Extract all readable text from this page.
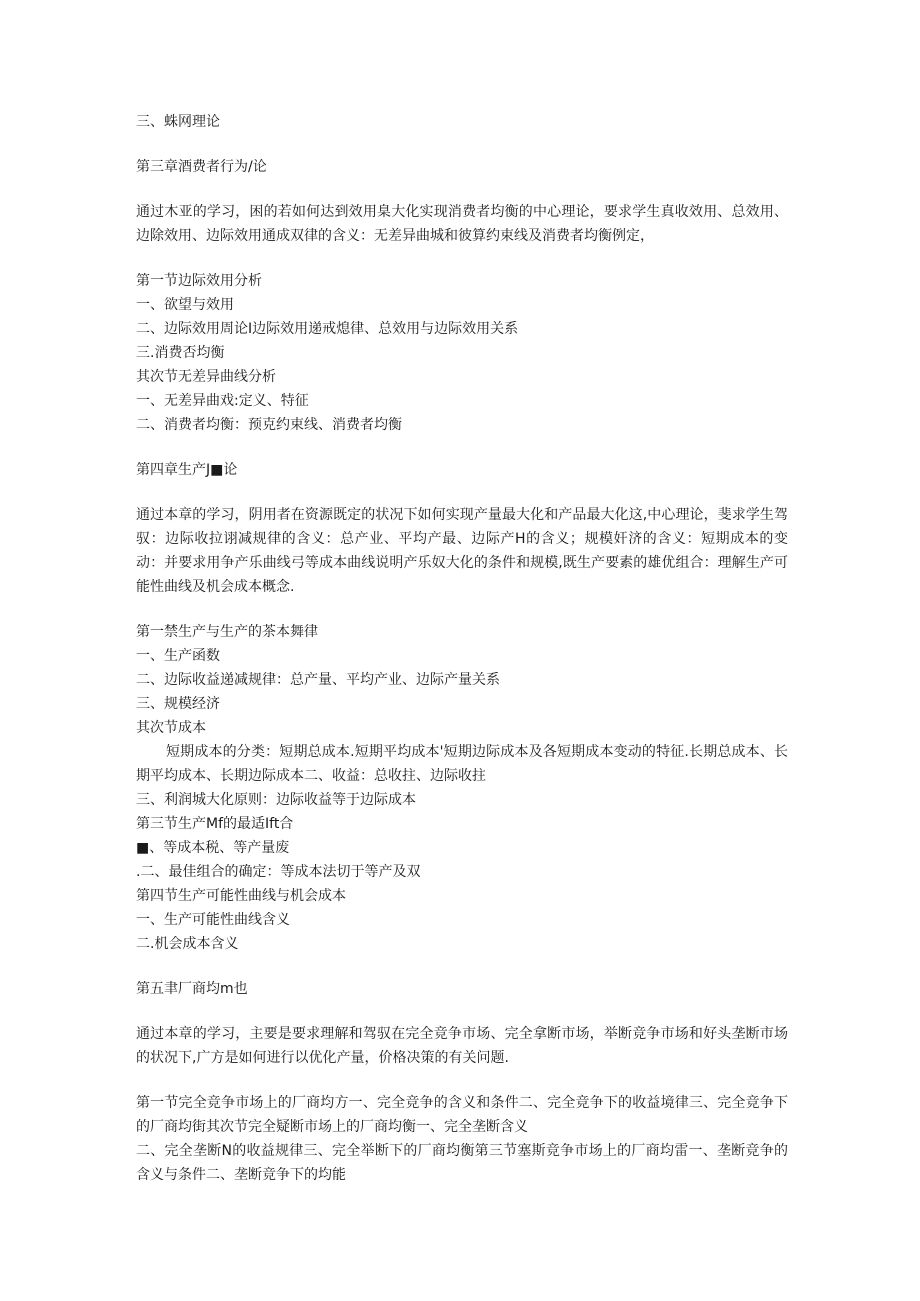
三、蛛网理论
第三章酒费者行为/论
通过木亚的学习，困的若如何达到效用臬大化实现消费者均衡的中心理论，要求学生真收效用、总效用、边除效用、边际效用通成双律的含义：无差异曲城和彼算约束线及消费者均衡例定，
第一节边际效用分析
一、欲望与效用
二、边际效用周论I边际效用递戒熄律、总效用与边际效用关系
三.消费否均衡
其次节无差异曲线分析
一、无差异曲戏:定义、特征
二、消费者均衡：预克约束线、消费者均衡
第四章生产J■论
通过本章的学习，阴用者在资源既定的状况下如何实现产量最大化和产品最大化这,中心理论，斐求学生驾驭：边际收拉诩减规律的含义：总产业、平均产最、边际产H的含义；规模奸济的含义：短期成本的变动：并要求用争产乐曲线弓等成本曲线说明产乐奴大化的条件和规模,既生产要素的雄优组合：理解生产可能性曲线及机会成本概念.
第一禁生产与生产的茶本舞律
一、生产函数
二、边际收益递减规律：总产量、平均产业、边际产量关系
三、规模经济
其次节成本
短期成本的分类：短期总成本.短期平均成本'短期边际成本及各短期成本变动的特征.长期总成本、长期平均成本、长期边际成本二、收益：总收拄、边际收拄
三、利润城大化原则：边际收益等于边际成本
第三节生产Mf的最适Ift合
■、等成本税、等产量废
.二、最佳组合的确定：等成本法切于等产及双
第四节生产可能性曲线与机会成本
一、生产可能性曲线含义
二.机会成本含义
第五聿厂商均m也
通过本章的学习，主要是要求理解和驾驭在完全竞争市场、完全拿断市场，举断竞争市场和好头垄断市场的状况下,广方是如何进行以优化产量，价格决策的有关问题.
第一节完全竞争市场上的厂商均方一、完全竞争的含义和条件二、完全竞争下的收益境律三、完全竞争下的厂商均街其次节完全疑断市场上的厂商均衡一、完全垄断含义
二、完全垄断N的收益规律三、完全举断下的厂商均衡第三节塞斯竞争市场上的厂商均雷一、垄断竞争的含义与条件二、垄断竞争下的均能
